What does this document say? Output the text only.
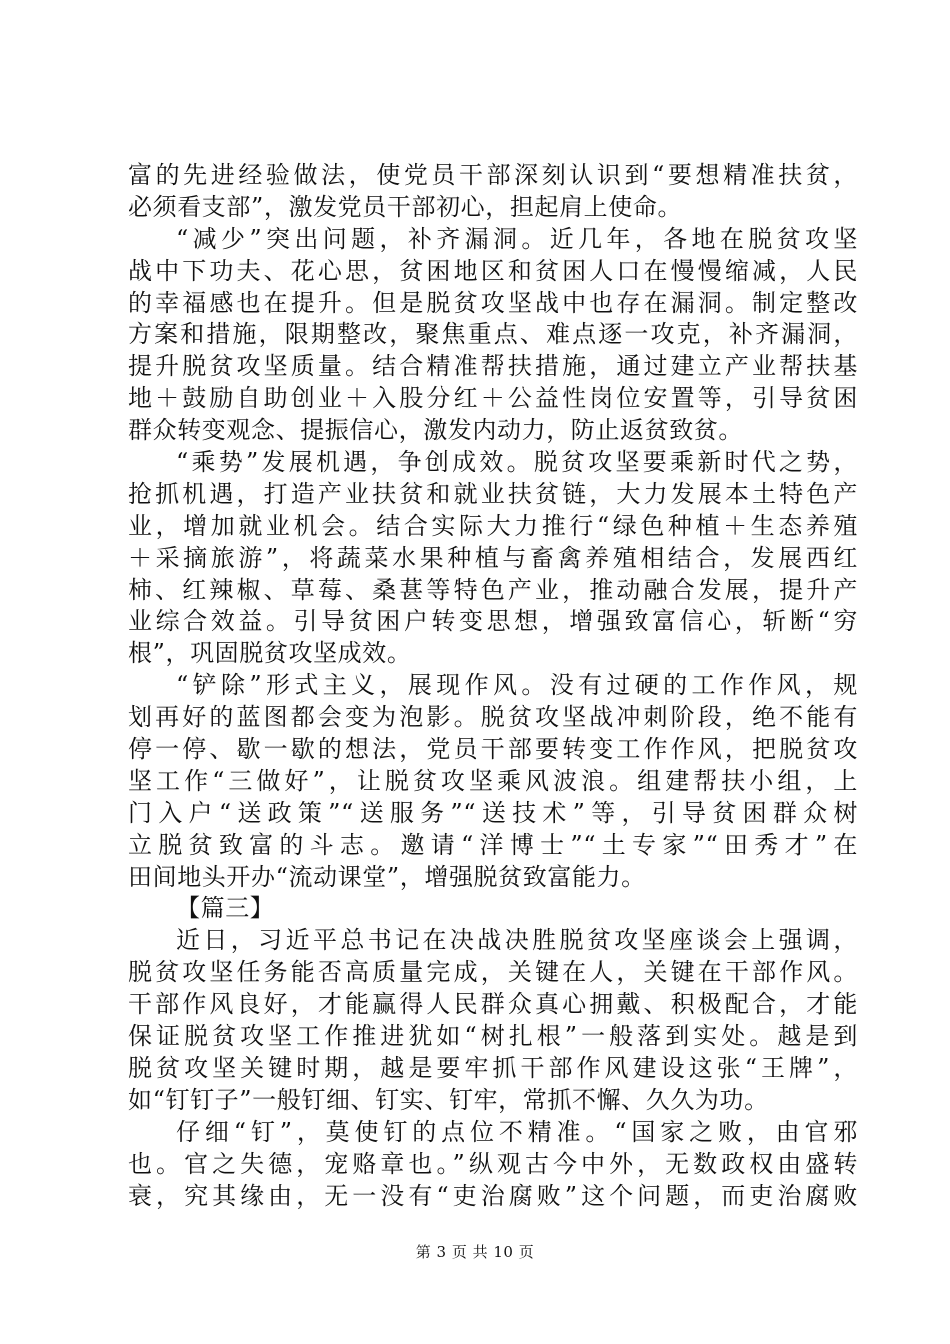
富的先进经验做法，使党员干部深刻认识到“要想精准扶贫，
必须看支部”，激发党员干部初心，担起肩上使命。
“减少”突出问题，补齐漏洞。近几年，各地在脱贫攻坚
战中下功夫、花心思，贫困地区和贫困人口在慢慢缩减，人民
的幸福感也在提升。但是脱贫攻坚战中也存在漏洞。制定整改
方案和措施，限期整改，聚焦重点、难点逐一攻克，补齐漏洞，
提升脱贫攻坚质量。结合精准帮扶措施，通过建立产业帮扶基
地＋鼓励自助创业＋入股分红＋公益性岗位安置等，引导贫困
群众转变观念、提振信心，激发内动力，防止返贫致贫。
“乘势”发展机遇，争创成效。脱贫攻坚要乘新时代之势，
抢抓机遇，打造产业扶贫和就业扶贫链，大力发展本土特色产
业，增加就业机会。结合实际大力推行“绿色种植＋生态养殖
＋采摘旅游”，将蔬菜水果种植与畜禽养殖相结合，发展西红
柿、红辣椒、草莓、桑葚等特色产业，推动融合发展，提升产
业综合效益。引导贫困户转变思想，增强致富信心，斩断“穷
根”，巩固脱贫攻坚成效。
“铲除”形式主义，展现作风。没有过硬的工作作风，规
划再好的蓝图都会变为泡影。脱贫攻坚战冲刺阶段，绝不能有
停一停、歇一歇的想法，党员干部要转变工作作风，把脱贫攻
坚工作“三做好”，让脱贫攻坚乘风波浪。组建帮扶小组，上
门入户“送政策”“送服务”“送技术”等，引导贫困群众树
立脱贫致富的斗志。邀请“洋博士”“土专家”“田秀才”在
田间地头开办“流动课堂”，增强脱贫致富能力。
【篇三】
近日，习近平总书记在决战决胜脱贫攻坚座谈会上强调，
脱贫攻坚任务能否高质量完成，关键在人，关键在干部作风。
干部作风良好，才能赢得人民群众真心拥戴、积极配合，才能
保证脱贫攻坚工作推进犹如“树扎根”一般落到实处。越是到
脱贫攻坚关键时期，越是要牢抓干部作风建设这张“王牌”，
如“钉钉子”一般钉细、钉实、钉牢，常抓不懈、久久为功。
仔细“钉”，莫使钉的点位不精准。“国家之败，由官邪
也。官之失德，宠赂章也。”纵观古今中外，无数政权由盛转
衰，究其缘由，无一没有“吏治腐败”这个问题，而吏治腐败
第 3 页 共 10 页
